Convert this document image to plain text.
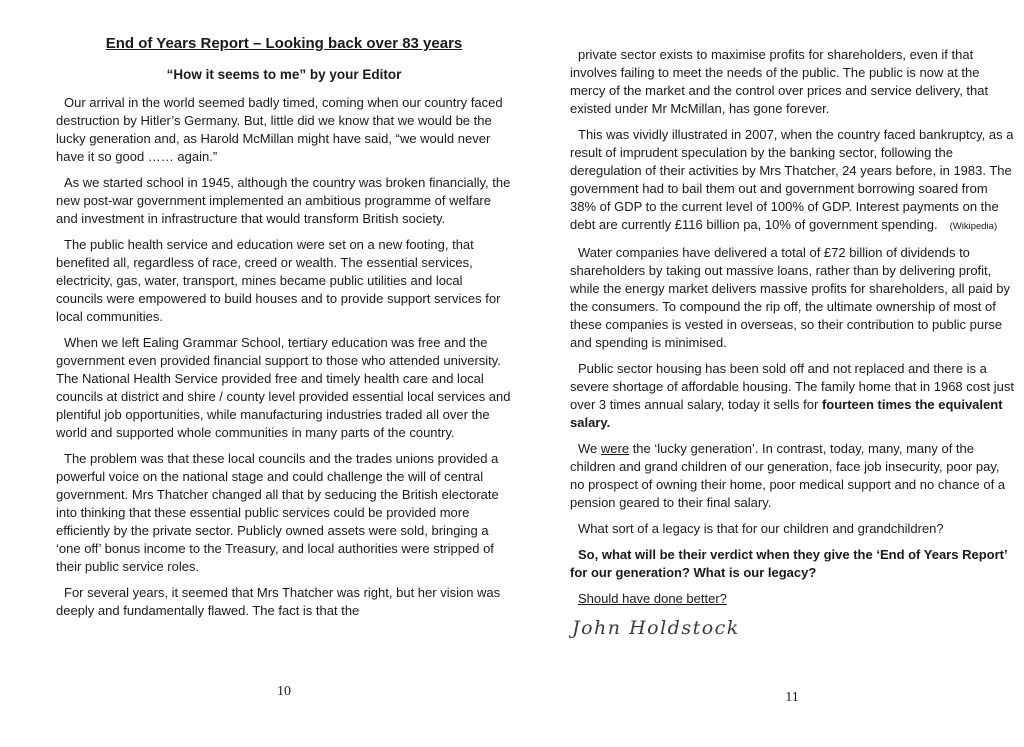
End of Years Report – Looking back over 83 years
“How it seems to me” by your Editor

Our arrival in the world seemed badly timed, coming when our country faced destruction by Hitler’s Germany. But, little did we know that we would be the lucky generation and, as Harold McMillan might have said, “we would never have it so good …… again.”

As we started school in 1945, although the country was broken financially, the new post-war government implemented an ambitious programme of welfare and investment in infrastructure that would transform British society.

The public health service and education were set on a new footing, that benefited all, regardless of race, creed or wealth. The essential services, electricity, gas, water, transport, mines became public utilities and local councils were empowered to build houses and to provide support services for local communities.

When we left Ealing Grammar School, tertiary education was free and the government even provided financial support to those who attended university. The National Health Service provided free and timely health care and local councils at district and shire / county level provided essential local services and plentiful job opportunities, while manufacturing industries traded all over the world and supported whole communities in many parts of the country.

The problem was that these local councils and the trades unions provided a powerful voice on the national stage and could challenge the will of central government. Mrs Thatcher changed all that by seducing the British electorate into thinking that these essential public services could be provided more efficiently by the private sector. Publicly owned assets were sold, bringing a ‘one off’ bonus income to the Treasury, and local authorities were stripped of their public service roles.

For several years, it seemed that Mrs Thatcher was right, but her vision was deeply and fundamentally flawed. The fact is that the

private sector exists to maximise profits for shareholders, even if that involves failing to meet the needs of the public. The public is now at the mercy of the market and the control over prices and service delivery, that existed under Mr McMillan, has gone forever.

This was vividly illustrated in 2007, when the country faced bankruptcy, as a result of imprudent speculation by the banking sector, following the deregulation of their activities by Mrs Thatcher, 24 years before, in 1983. The government had to bail them out and government borrowing soared from 38% of GDP to the current level of 100% of GDP. Interest payments on the debt are currently £116 billion pa, 10% of government spending. (Wikipedia)

Water companies have delivered a total of £72 billion of dividends to shareholders by taking out massive loans, rather than by delivering profit, while the energy market delivers massive profits for shareholders, all paid by the consumers. To compound the rip off, the ultimate ownership of most of these companies is vested in overseas, so their contribution to public purse and spending is minimised.

Public sector housing has been sold off and not replaced and there is a severe shortage of affordable housing. The family home that in 1968 cost just over 3 times annual salary, today it sells for fourteen times the equivalent salary.

We were the ‘lucky generation’. In contrast, today, many, many of the children and grand children of our generation, face job insecurity, poor pay, no prospect of owning their home, poor medical support and no chance of a pension geared to their final salary.

What sort of a legacy is that for our children and grandchildren?

So, what will be their verdict when they give the ‘End of Years Report’ for our generation? What is our legacy?

Should have done better?

John Holdstock
10	11
